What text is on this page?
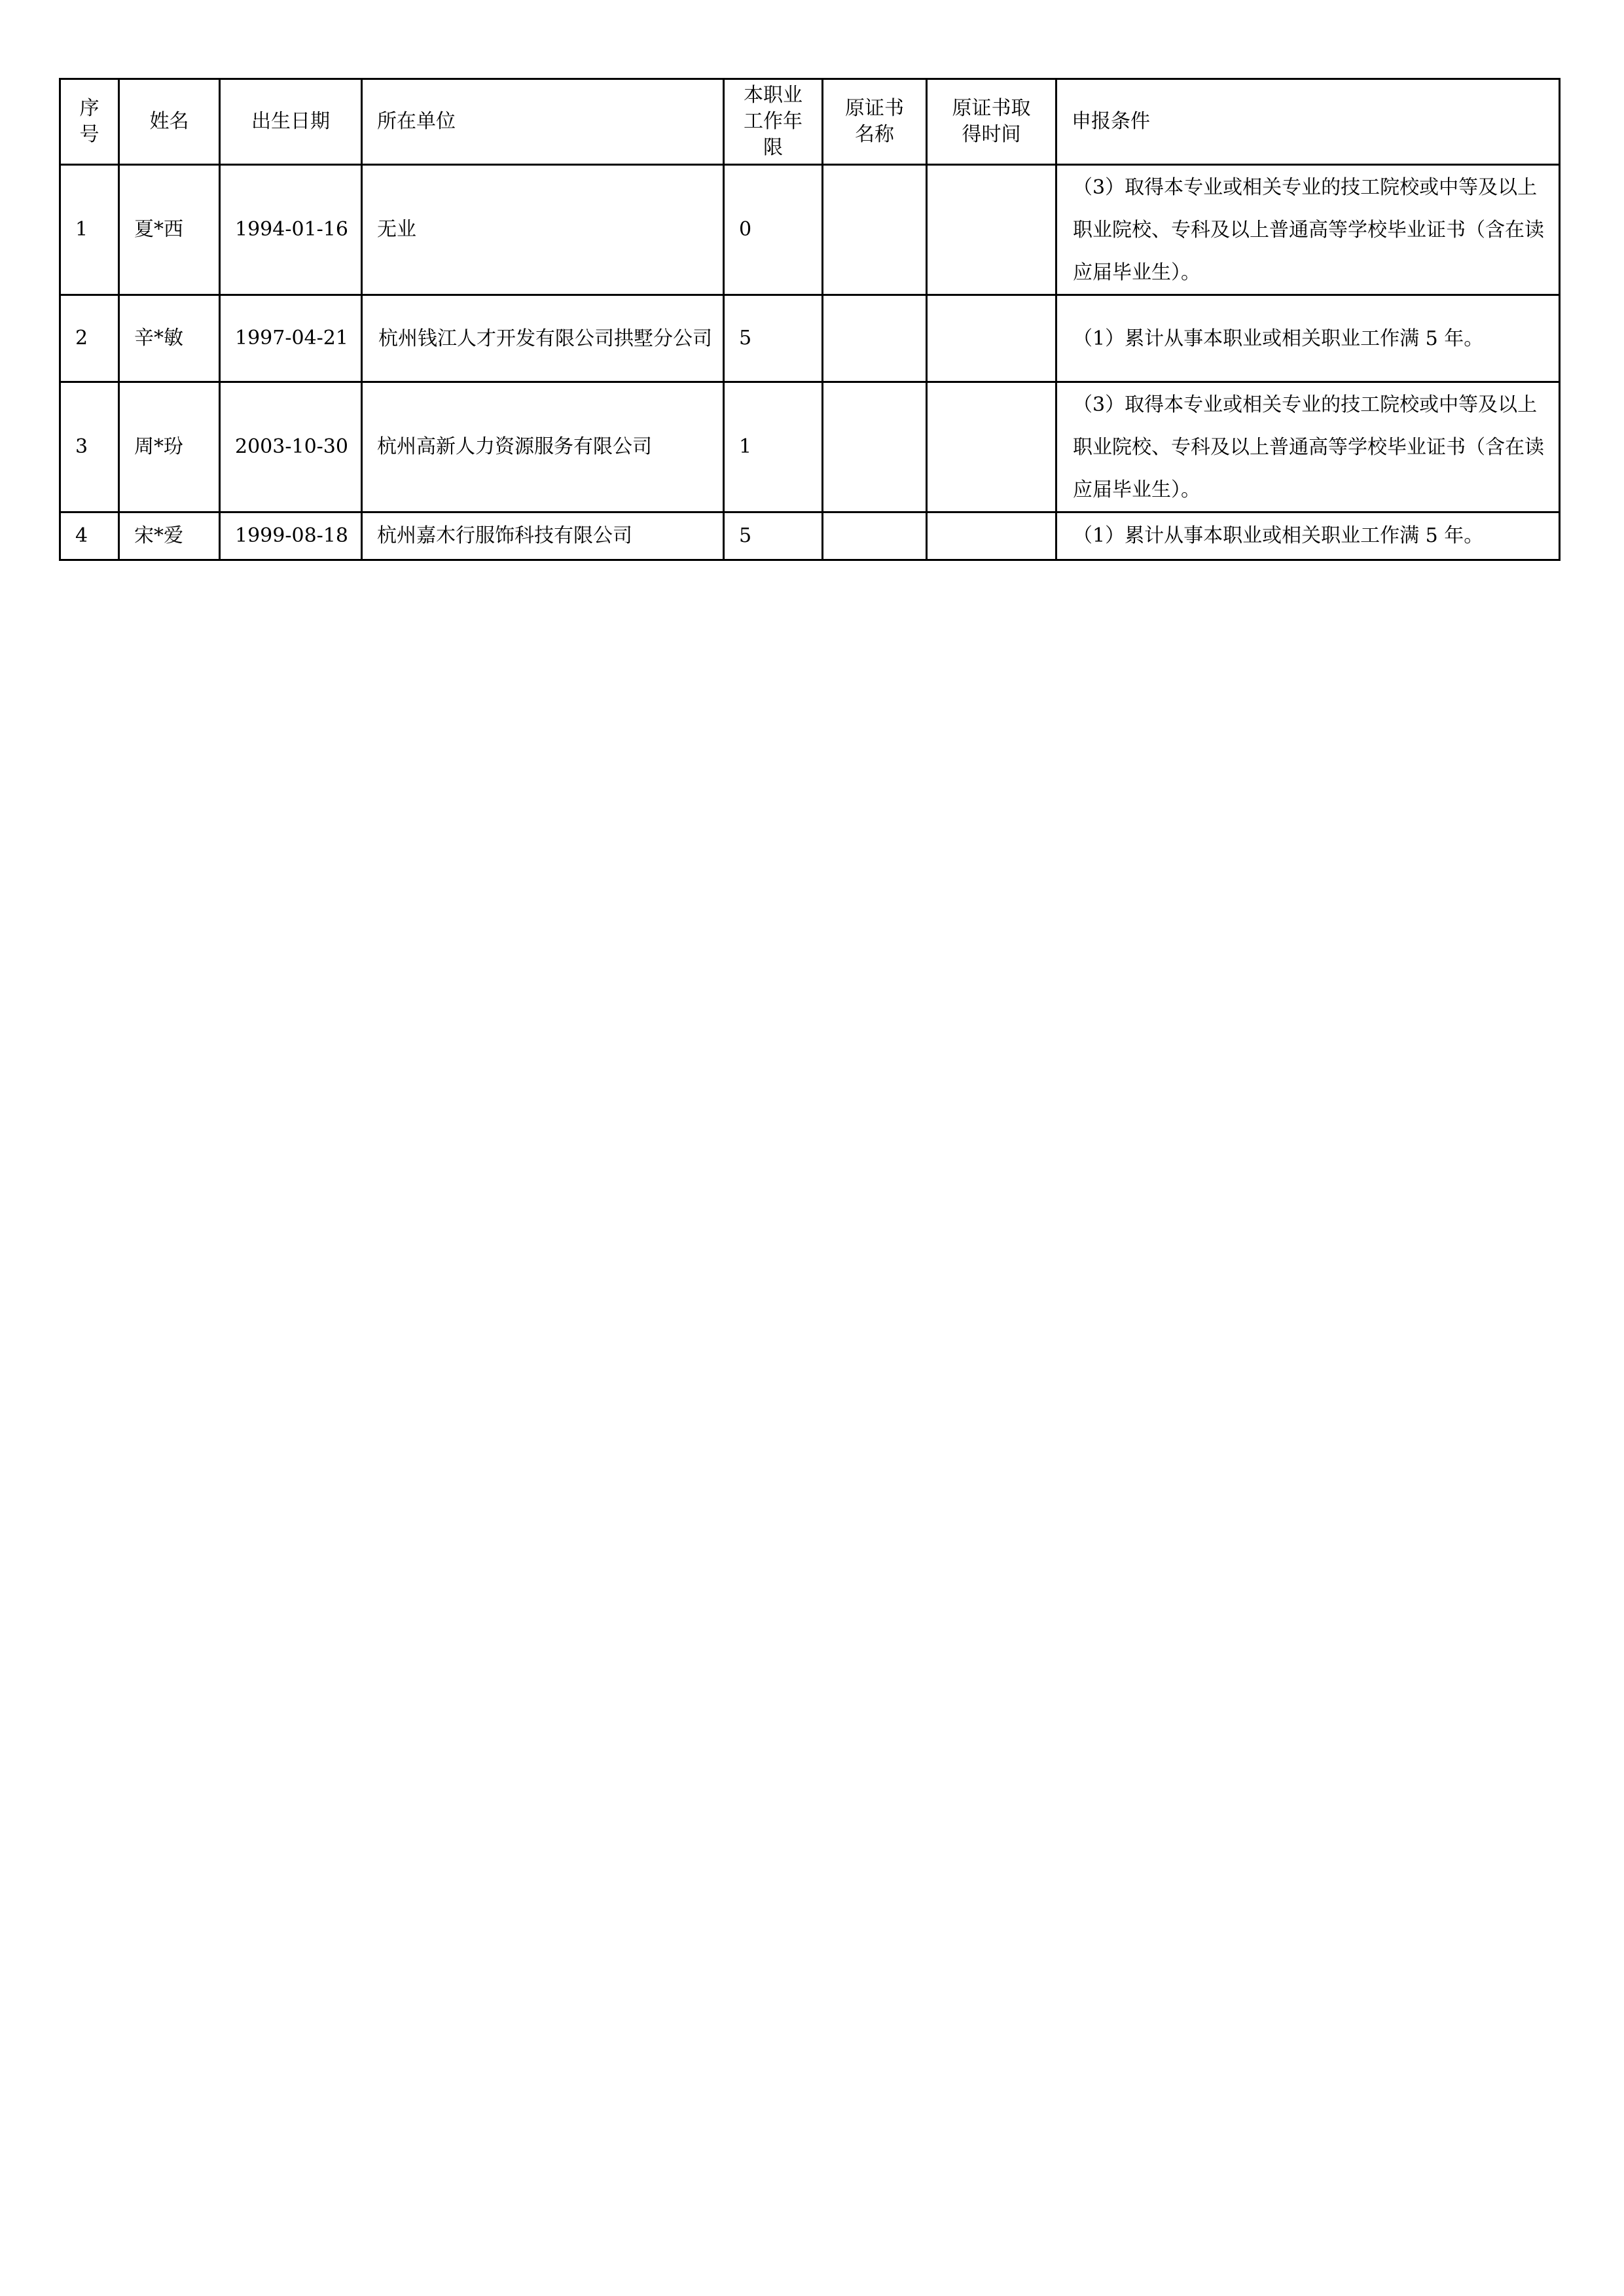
序号	姓名	出生日期	所在单位	本职业工作年限	原证书名称	原证书取得时间	申报条件
1	夏*西	1994-01-16	无业	0			（3）取得本专业或相关专业的技工院校或中等及以上职业院校、专科及以上普通高等学校毕业证书（含在读应届毕业生）。
2	辛*敏	1997-04-21	杭州钱江人才开发有限公司拱墅分公司	5			（1）累计从事本职业或相关职业工作满 5 年。
3	周*玢	2003-10-30	杭州高新人力资源服务有限公司	1			（3）取得本专业或相关专业的技工院校或中等及以上职业院校、专科及以上普通高等学校毕业证书（含在读应届毕业生）。
4	宋*爱	1999-08-18	杭州嘉木行服饰科技有限公司	5			（1）累计从事本职业或相关职业工作满 5 年。
